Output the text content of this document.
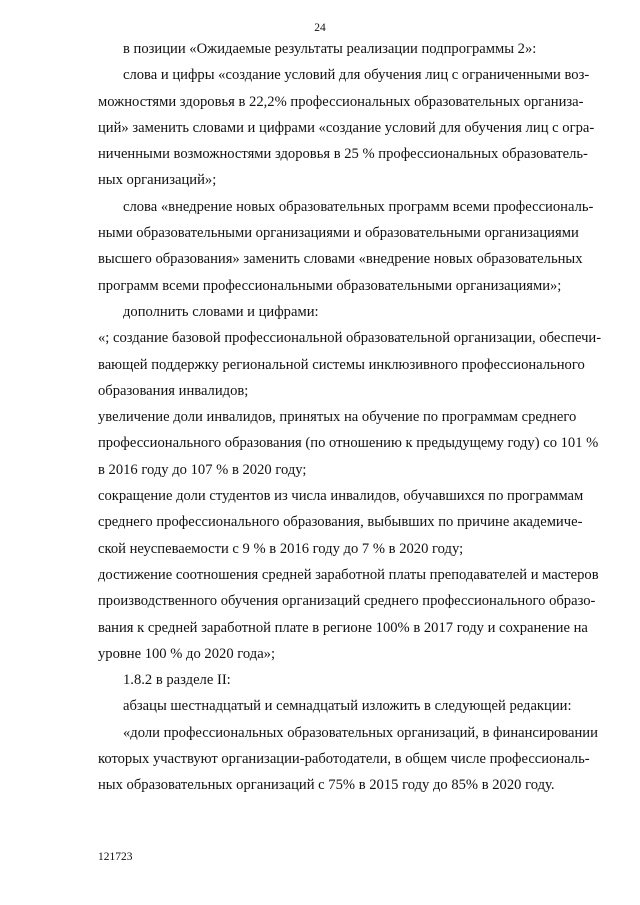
24
в позиции «Ожидаемые результаты реализации подпрограммы 2»:
слова и цифры «создание условий для обучения лиц с ограниченными воз-
можностями здоровья в 22,2% профессиональных образовательных организа-
ций» заменить словами и цифрами «создание условий для обучения лиц с огра-
ниченными возможностями здоровья в 25 % профессиональных образователь-
ных организаций»;
слова «внедрение новых образовательных программ всеми профессиональ-
ными образовательными организациями и образовательными организациями
высшего образования» заменить словами «внедрение новых образовательных
программ всеми профессиональными образовательными организациями»;
дополнить словами и цифрами:
«; создание базовой профессиональной образовательной организации, обеспечи-
вающей поддержку региональной системы инклюзивного профессионального
образования инвалидов;
увеличение доли инвалидов, принятых на обучение по программам среднего
профессионального образования (по отношению к предыдущему году) со 101 %
в 2016 году до 107 % в 2020 году;
сокращение доли студентов из числа инвалидов, обучавшихся по программам
среднего профессионального образования, выбывших по причине академиче-
ской неуспеваемости с 9 % в 2016 году до 7 % в 2020 году;
достижение соотношения средней заработной платы преподавателей и мастеров
производственного обучения организаций среднего профессионального образо-
вания к средней заработной плате в регионе 100% в 2017 году и сохранение на
уровне 100 % до 2020 года»;
1.8.2 в разделе II:
абзацы шестнадцатый и семнадцатый изложить в следующей редакции:
«доли профессиональных образовательных организаций, в финансировании
которых участвуют организации-работодатели, в общем числе профессиональ-
ных образовательных организаций с 75% в 2015 году до 85% в 2020 году.
121723
